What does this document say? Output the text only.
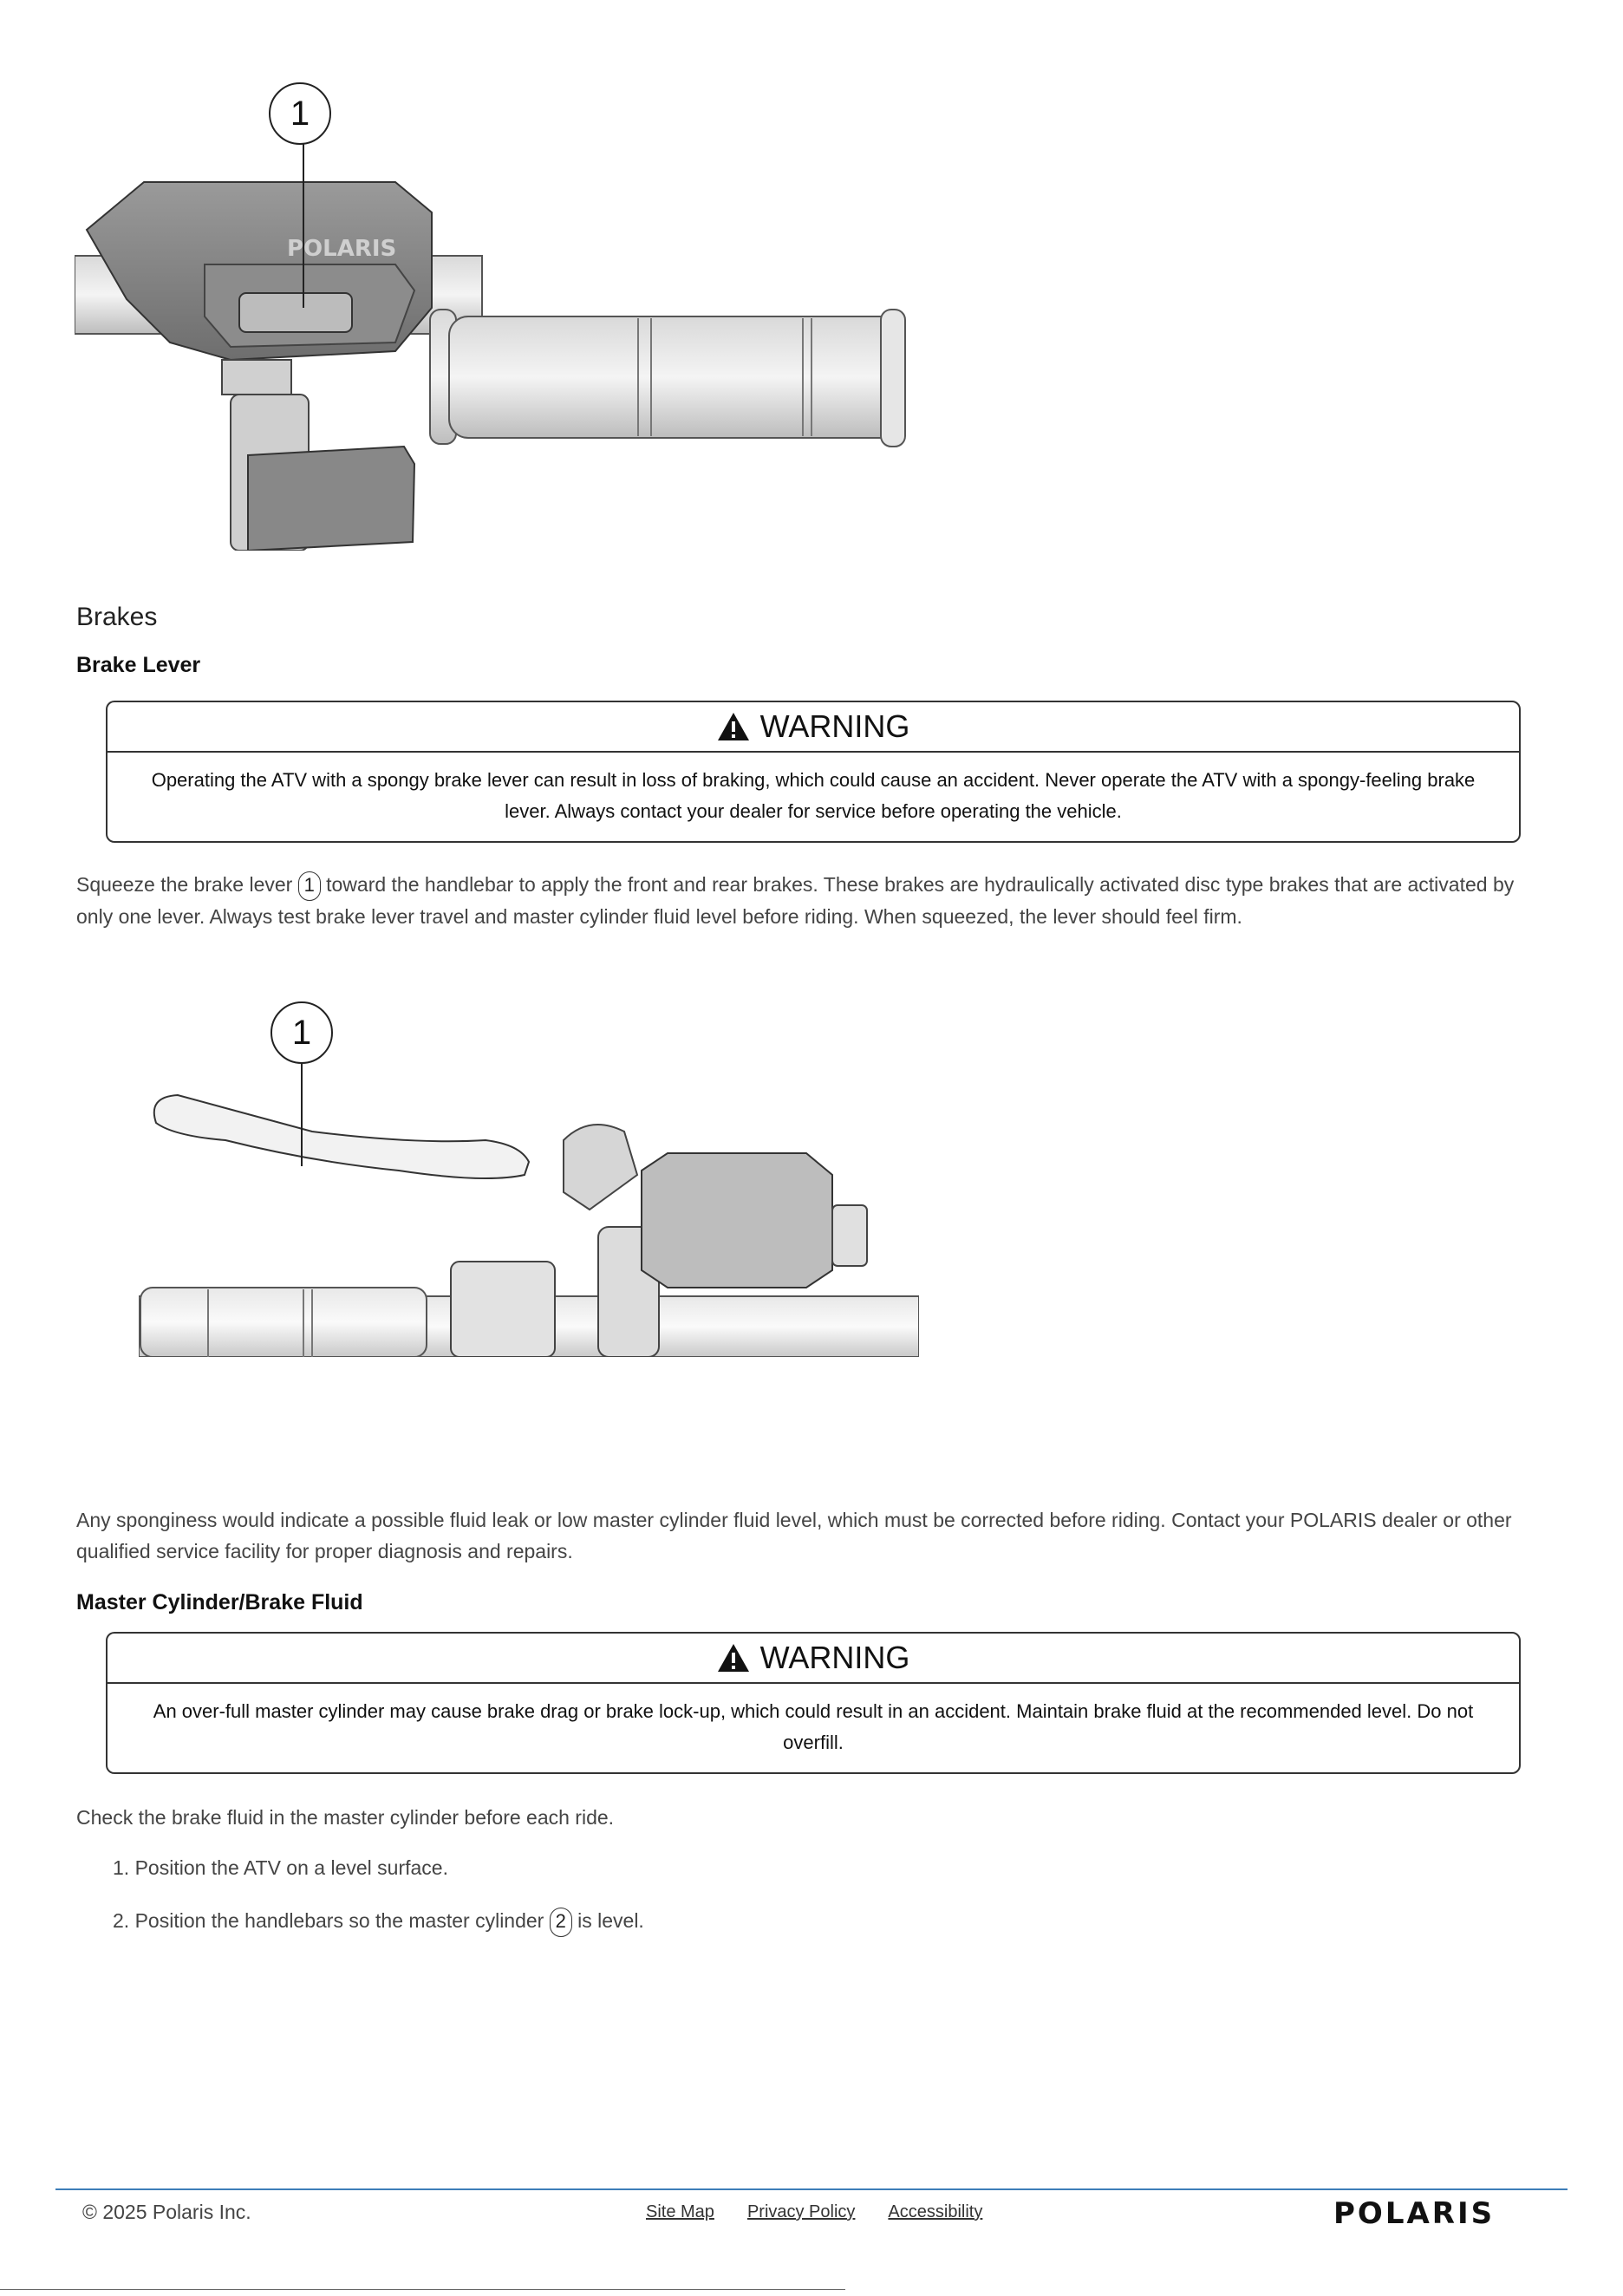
POLARIS
1
Brakes
Brake Lever
WARNING
Operating the ATV with a spongy brake lever can result in loss of braking, which could cause an accident. Never operate the ATV with a spongy-feeling brake lever. Always contact your dealer for service before operating the vehicle.
Squeeze the brake lever 1 toward the handlebar to apply the front and rear brakes. These brakes are hydraulically activated disc type brakes that are activated by only one lever. Always test brake lever travel and master cylinder fluid level before riding. When squeezed, the lever should feel firm.
1
Any sponginess would indicate a possible fluid leak or low master cylinder fluid level, which must be corrected before riding. Contact your POLARIS dealer or other qualified service facility for proper diagnosis and repairs.
Master Cylinder/Brake Fluid
WARNING
An over-full master cylinder may cause brake drag or brake lock-up, which could result in an accident. Maintain brake fluid at the recommended level. Do not overfill.
Check the brake fluid in the master cylinder before each ride.
1. Position the ATV on a level surface.
2. Position the handlebars so the master cylinder 2 is level.
© 2025 Polaris Inc.	Site Map Privacy Policy Accessibility	POLARIS
